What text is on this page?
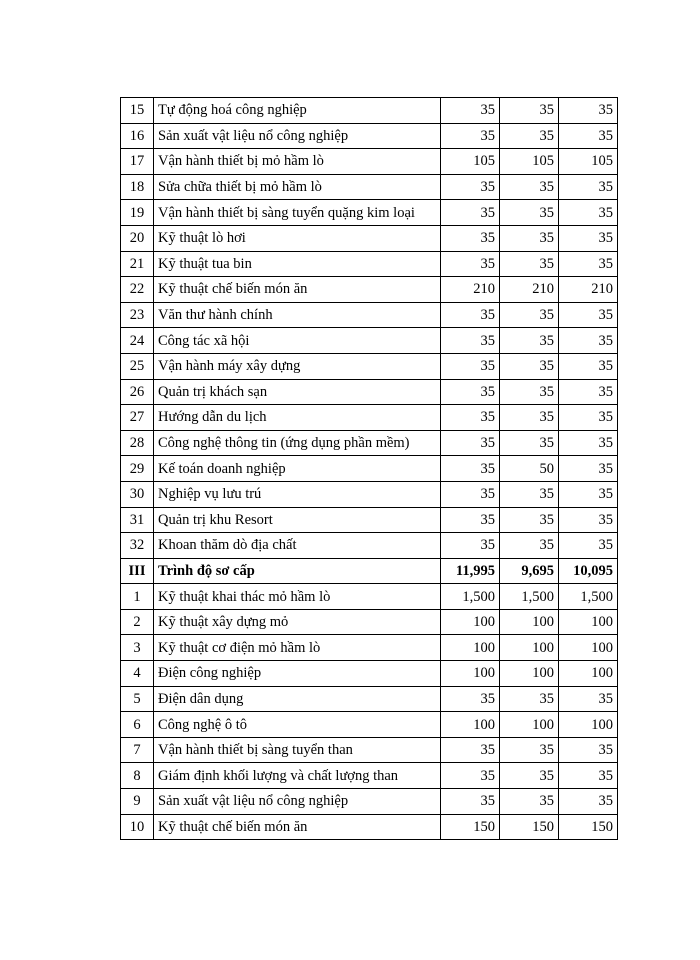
15	Tự động hoá công nghiệp	35	35	35
16	Sản xuất vật liệu nổ công nghiệp	35	35	35
17	Vận hành thiết bị mỏ hầm lò	105	105	105
18	Sửa chữa thiết bị mỏ hầm lò	35	35	35
19	Vận hành thiết bị sàng tuyển quặng kim loại	35	35	35
20	Kỹ thuật lò hơi	35	35	35
21	Kỹ thuật tua bin	35	35	35
22	Kỹ thuật chế biến món ăn	210	210	210
23	Văn thư hành chính	35	35	35
24	Công tác xã hội	35	35	35
25	Vận hành máy xây dựng	35	35	35
26	Quản trị khách sạn	35	35	35
27	Hướng dẫn du lịch	35	35	35
28	Công nghệ thông tin (ứng dụng phần mềm)	35	35	35
29	Kế toán doanh nghiệp	35	50	35
30	Nghiệp vụ lưu trú	35	35	35
31	Quản trị khu Resort	35	35	35
32	Khoan thăm dò địa chất	35	35	35
III	Trình độ sơ cấp	11,995	9,695	10,095
1	Kỹ thuật khai thác mỏ hầm lò	1,500	1,500	1,500
2	Kỹ thuật xây dựng mỏ	100	100	100
3	Kỹ thuật cơ điện mỏ hầm lò	100	100	100
4	Điện công nghiệp	100	100	100
5	Điện dân dụng	35	35	35
6	Công nghệ ô tô	100	100	100
7	Vận hành thiết bị sàng tuyển than	35	35	35
8	Giám định khối lượng và chất lượng than	35	35	35
9	Sản xuất vật liệu nổ công nghiệp	35	35	35
10	Kỹ thuật chế biến món ăn	150	150	150
